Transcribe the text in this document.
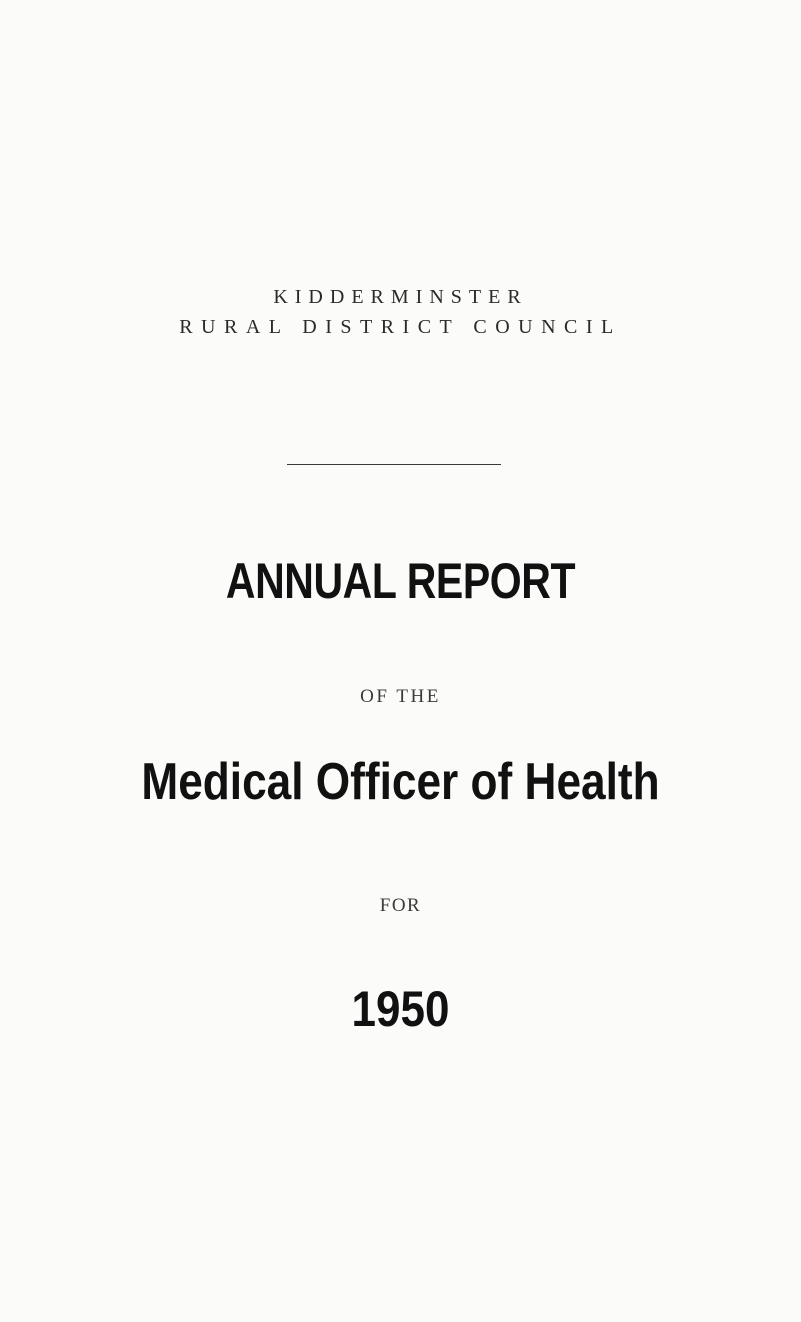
KIDDERMINSTER
RURAL DISTRICT COUNCIL
ANNUAL REPORT
OF THE
Medical Officer of Health
FOR
1950
